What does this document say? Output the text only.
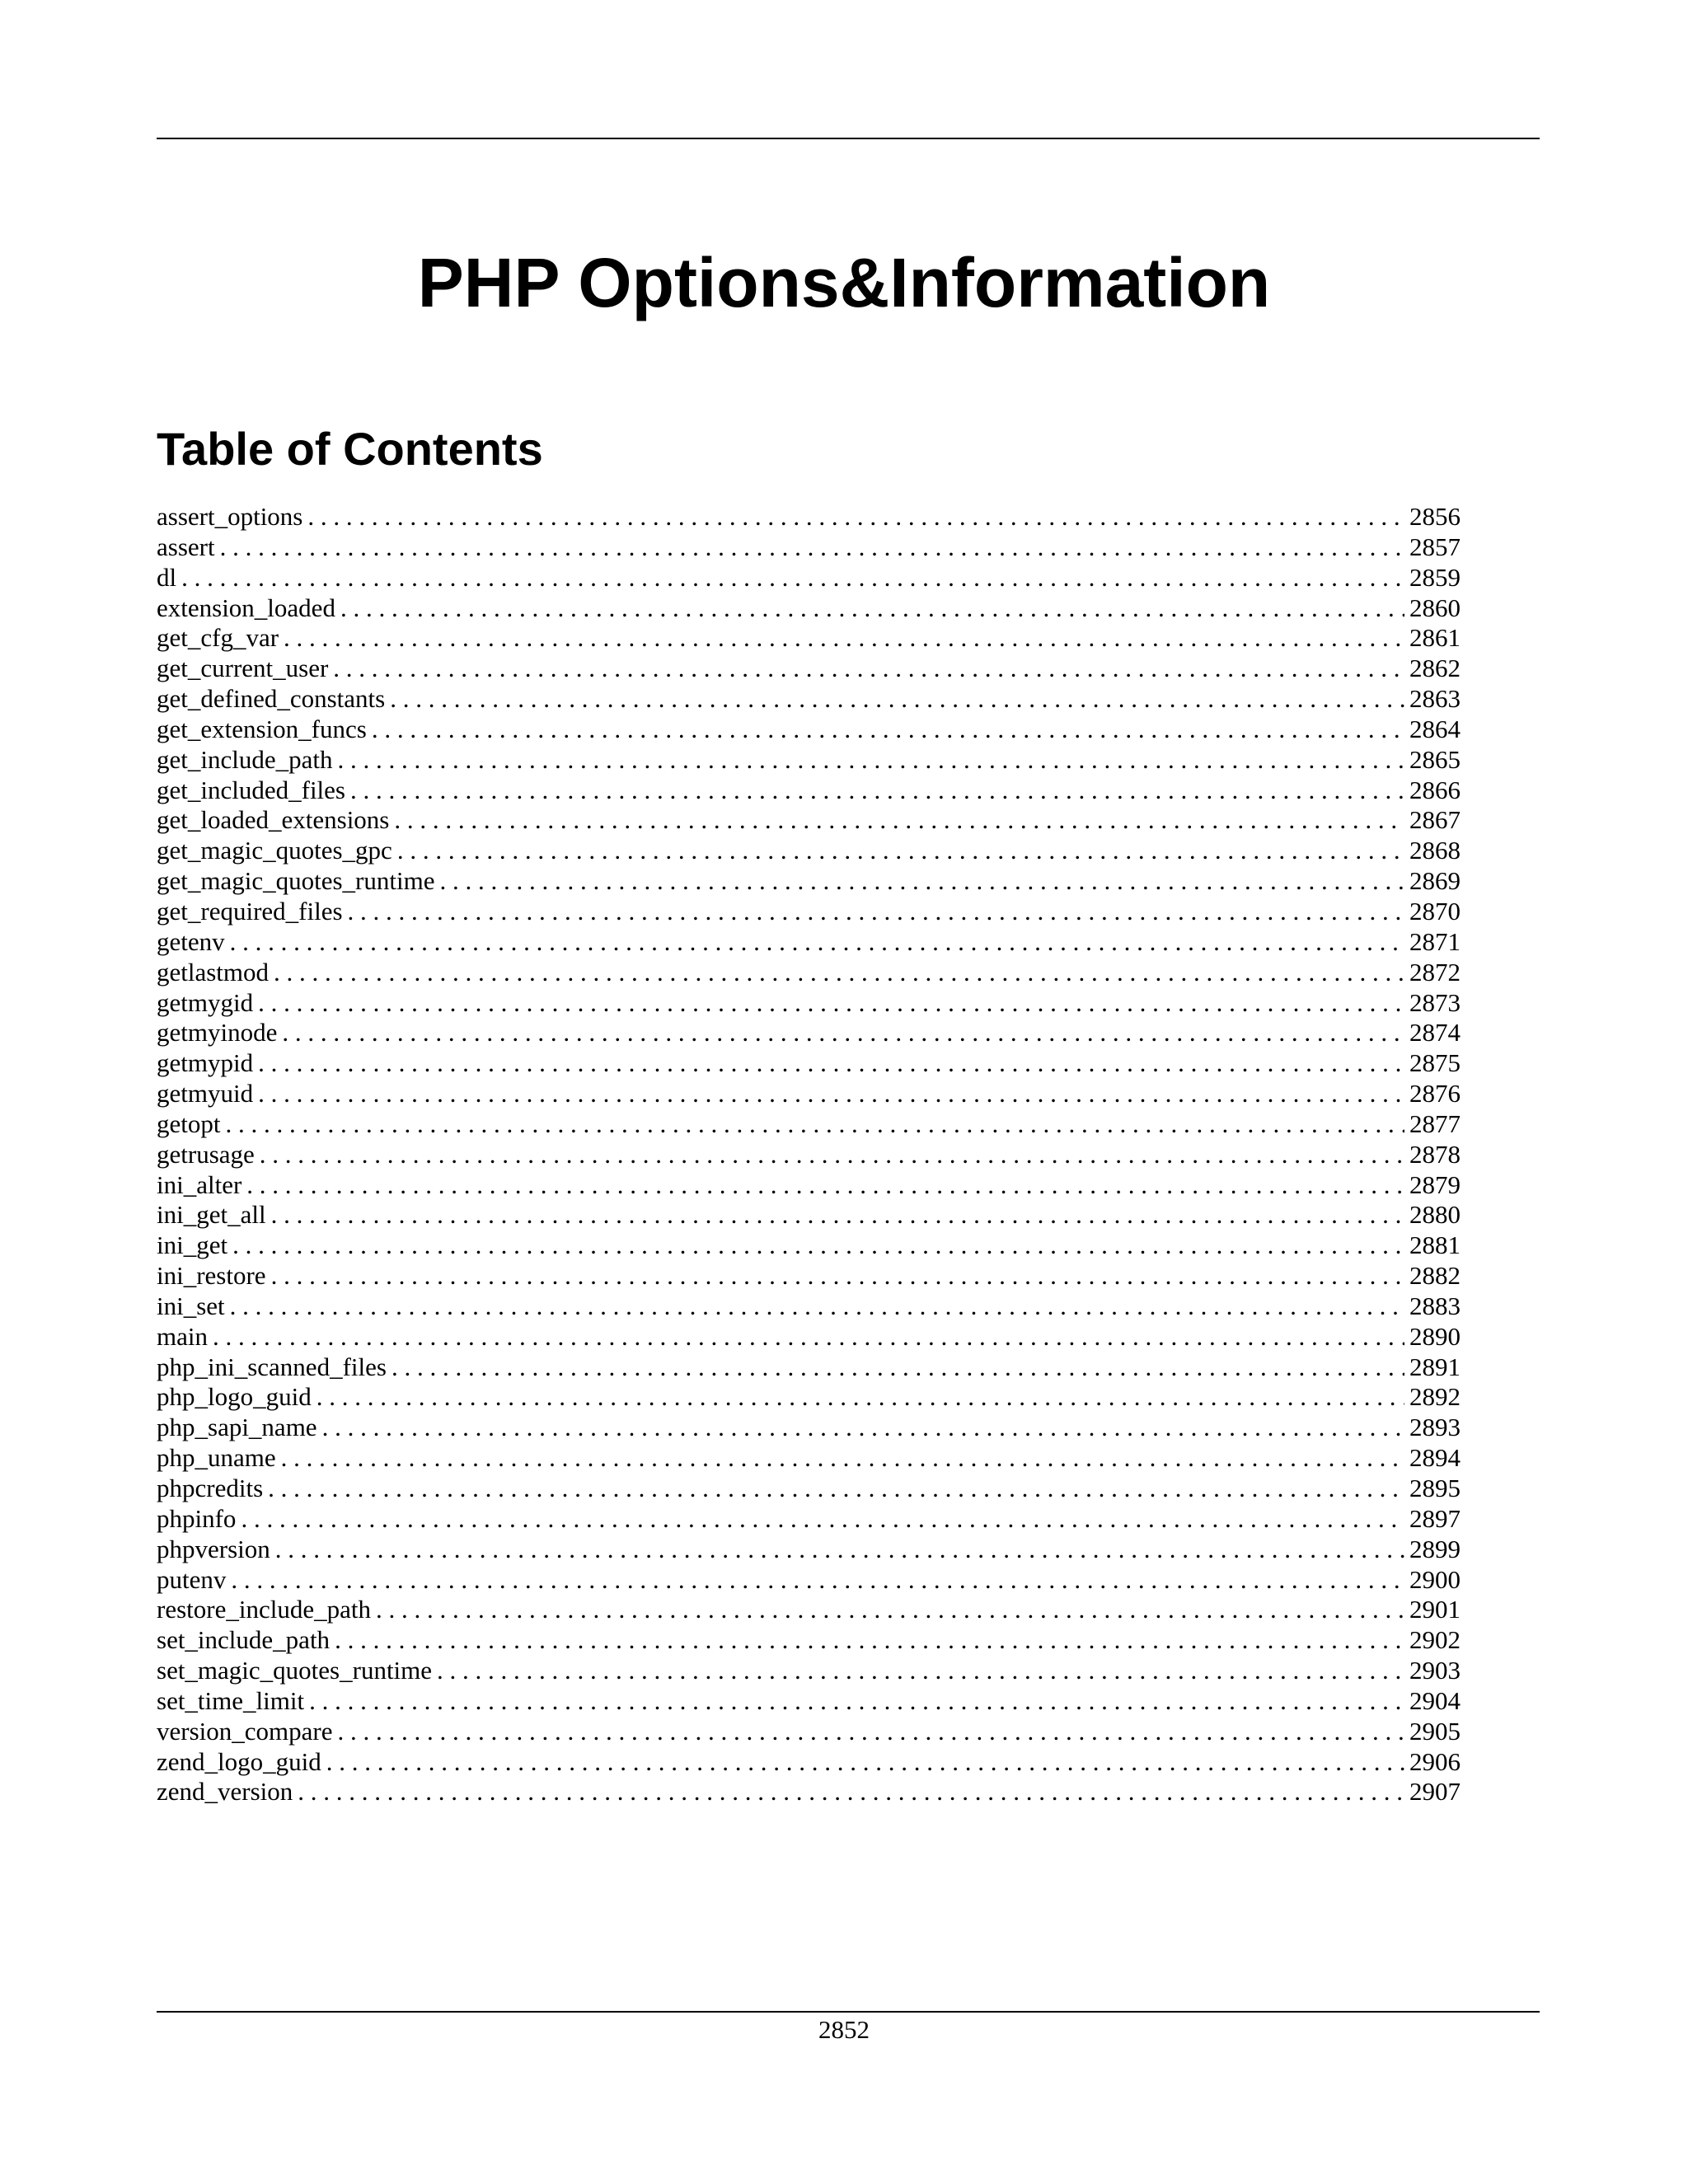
PHP Options&Information
Table of Contents
assert_options . . .	2856
assert . . .	2857
dl . . .	2859
extension_loaded . . .	2860
get_cfg_var . . .	2861
get_current_user . . .	2862
get_defined_constants . . .	2863
get_extension_funcs . . .	2864
get_include_path . . .	2865
get_included_files . . .	2866
get_loaded_extensions . . .	2867
get_magic_quotes_gpc . . .	2868
get_magic_quotes_runtime . . .	2869
get_required_files . . .	2870
getenv . . .	2871
getlastmod . . .	2872
getmygid . . .	2873
getmyinode . . .	2874
getmypid . . .	2875
getmyuid . . .	2876
getopt . . .	2877
getrusage . . .	2878
ini_alter . . .	2879
ini_get_all . . .	2880
ini_get . . .	2881
ini_restore . . .	2882
ini_set . . .	2883
main . . .	2890
php_ini_scanned_files . . .	2891
php_logo_guid . . .	2892
php_sapi_name . . .	2893
php_uname . . .	2894
phpcredits . . .	2895
phpinfo . . .	2897
phpversion . . .	2899
putenv . . .	2900
restore_include_path . . .	2901
set_include_path . . .	2902
set_magic_quotes_runtime . . .	2903
set_time_limit . . .	2904
version_compare . . .	2905
zend_logo_guid . . .	2906
zend_version . . .	2907
2852
